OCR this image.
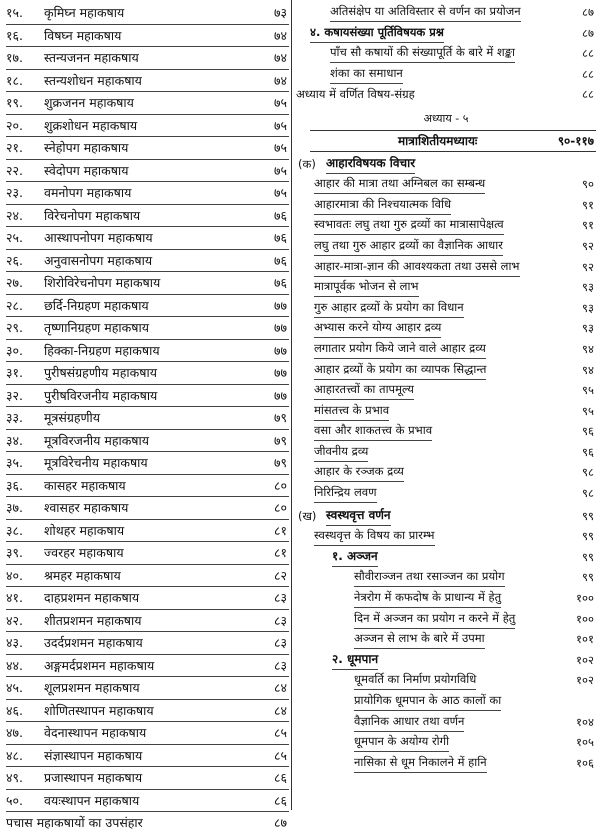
१५. कृमिघ्न महाकषाय	७३
१६. विषघ्न महाकषाय	७४
१७. स्तन्यजनन महाकषाय	७४
१८. स्तन्यशोधन महाकषाय	७४
१९. शुक्रजनन महाकषाय	७५
२०. शुक्रशोधन महाकषाय	७५
२१. स्नेहोपग महाकषाय	७५
२२. स्वेदोपग महाकषाय	७५
२३. वमनोपग महाकषाय	७५
२४. विरेचनोपग महाकषाय	७६
२५. आस्थापनोपग महाकषाय	७६
२६. अनुवासनोपग महाकषाय	७६
२७. शिरोविरेचनोपग महाकषाय	७६
२८. छर्दि-निग्रहण महाकषाय	७७
२९. तृष्णानिग्रहण महाकषाय	७७
३०. हिक्का-निग्रहण महाकषाय	७७
३१. पुरीषसंग्रहणीय महाकषाय	७७
३२. पुरीषविरजनीय महाकषाय	७७
३३. मूत्रसंग्रहणीय	७९
३४. मूत्रविरजनीय महाकषाय	७९
३५. मूत्रविरेचनीय महाकषाय	७९
३६. कासहर महाकषाय	८०
३७. श्वासहर महाकषाय	८०
३८. शोथहर महाकषाय	८१
३९. ज्वरहर महाकषाय	८१
४०. श्रमहर महाकषाय	८२
४१. दाहप्रशमन महाकषाय	८३
४२. शीतप्रशमन महाकषाय	८३
४३. उदर्दप्रशमन महाकषाय	८३
४४. अङ्गमर्दप्रशमन महाकषाय	८३
४५. शूलप्रशमन महाकषाय	८४
४६. शोणितस्थापन महाकषाय	८४
४७. वेदनास्थापन महाकषाय	८५
४८. संज्ञास्थापन महाकषाय	८५
४९. प्रजास्थापन महाकषाय	८६
५०. वयःस्थापन महाकषाय	८६
पचास महाकषायों का उपसंहार	८७
अतिसंक्षेप या अतिविस्तार से वर्णन का प्रयोजन	८७
४. कषायसंख्या पूर्तिविषयक प्रश्न	८७
पाँच सौ कषायों की संख्यापूर्ति के बारे में शङ्का	८८
शंका का समाधान	८८
अध्याय में वर्णित विषय-संग्रह	८८
अध्याय - ५
मात्राशितीयमध्यायः	९०-११७
(क) आहारविषयक विचार
आहार की मात्रा तथा अग्निबल का सम्बन्ध	९०
आहारमात्रा की निश्चयात्मक विधि	९१
स्वभावतः लघु तथा गुरु द्रव्यों का मात्रासापेक्षत्व	९१
लघु तथा गुरु आहार द्रव्यों का वैज्ञानिक आधार	९२
आहार-मात्रा-ज्ञान की आवश्यकता तथा उससे लाभ	९२
मात्रापूर्वक भोजन से लाभ	९३
गुरु आहार द्रव्यों के प्रयोग का विधान	९३
अभ्यास करने योग्य आहार द्रव्य	९३
लगातार प्रयोग किये जाने वाले आहार द्रव्य	९४
आहार द्रव्यों के प्रयोग का व्यापक सिद्धान्त	९४
आहारतत्त्वों का तापमूल्य	९५
मांसतत्त्व के प्रभाव	९५
वसा और शाकतत्त्व के प्रभाव	९६
जीवनीय द्रव्य	९६
आहार के रञ्जक द्रव्य	९८
निरिन्द्रिय लवण	९८
(ख) स्वस्थवृत्त वर्णन	९९
स्वस्थवृत्त के विषय का प्रारम्भ	९९
१. अञ्जन	९९
सौवीराञ्जन तथा रसाञ्जन का प्रयोग	९९
नेत्ररोग में कफदोष के प्राधान्य में हेतु	१००
दिन में अञ्जन का प्रयोग न करने में हेतु	१००
अञ्जन से लाभ के बारे में उपमा	१०१
२. धूमपान	१०२
धूमवर्ति का निर्माण प्रयोगविधि	१०२
प्रायोगिक धूमपान के आठ कालों का
वैज्ञानिक आधार तथा वर्णन	१०४
धूमपान के अयोग्य रोगी	१०५
नासिका से धूम निकालने में हानि	१०६
